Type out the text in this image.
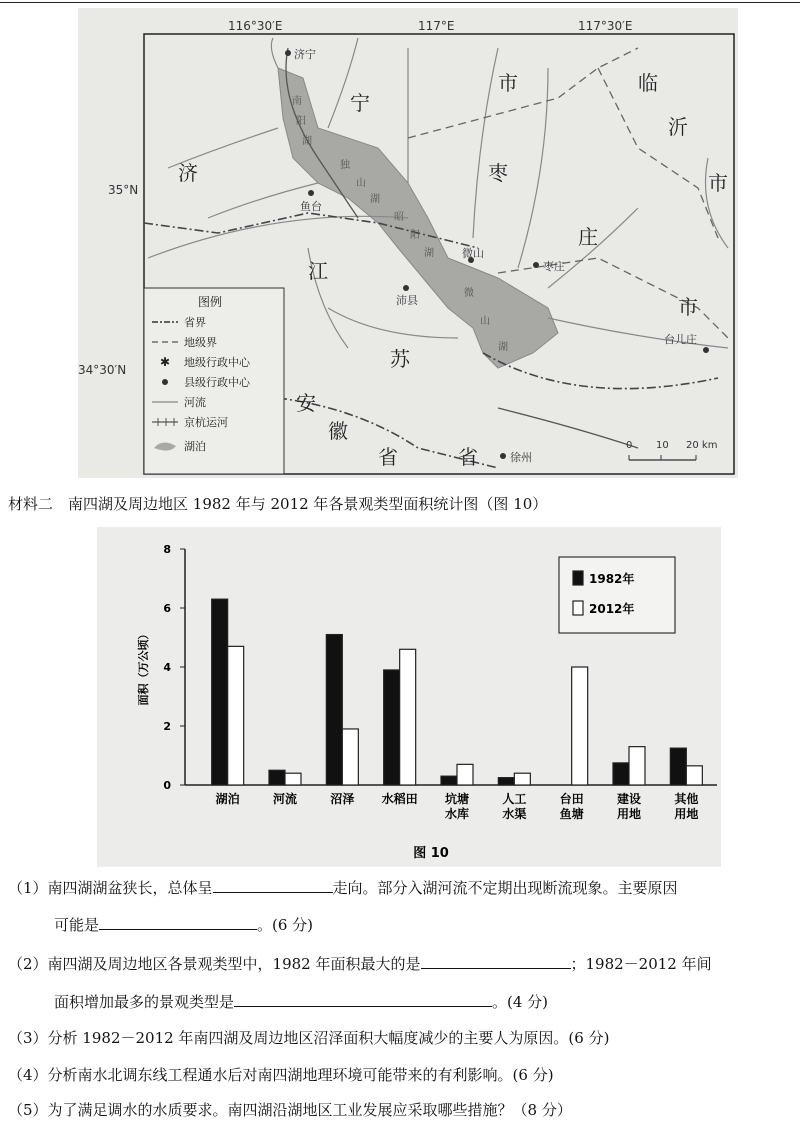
116°30′E	117°E	117°30′E
35°N
34°30′N
济
宁
市
枣
庄
市
临
沂
市
江
苏
安
徽
省	省
南
阳
湖
独
山
湖
昭
阳
湖
微
山
湖
济宁
鱼台
微山
沛县
枣庄
台儿庄
徐州
图例
省界
地级界
✱ 地级行政中心
县级行政中心
河流
京杭运河
湖泊	0 10 20 km
材料二　南四湖及周边地区 1982 年与 2012 年各景观类型面积统计图（图 10）
0
2
4
6
8
面积（万公顷）
湖泊	河流	沼泽 水稻田 坑塘
水库
人工
水渠
台田
鱼塘
建设
用地
其他
用地
图 10
1982年
2012年
（1）南四湖湖盆狭长，总体呈	走向。部分入湖河流不定期出现断流现象。主要原因
可能是	。(6 分)
（2）南四湖及周边地区各景观类型中，1982 年面积最大的是	；1982－2012 年间
面积增加最多的景观类型是	。(4 分)
（3）分析 1982－2012 年南四湖及周边地区沼泽面积大幅度减少的主要人为原因。(6 分)
（4）分析南水北调东线工程通水后对南四湖地理环境可能带来的有利影响。(6 分)
（5）为了满足调水的水质要求。南四湖沿湖地区工业发展应采取哪些措施？（8 分）
